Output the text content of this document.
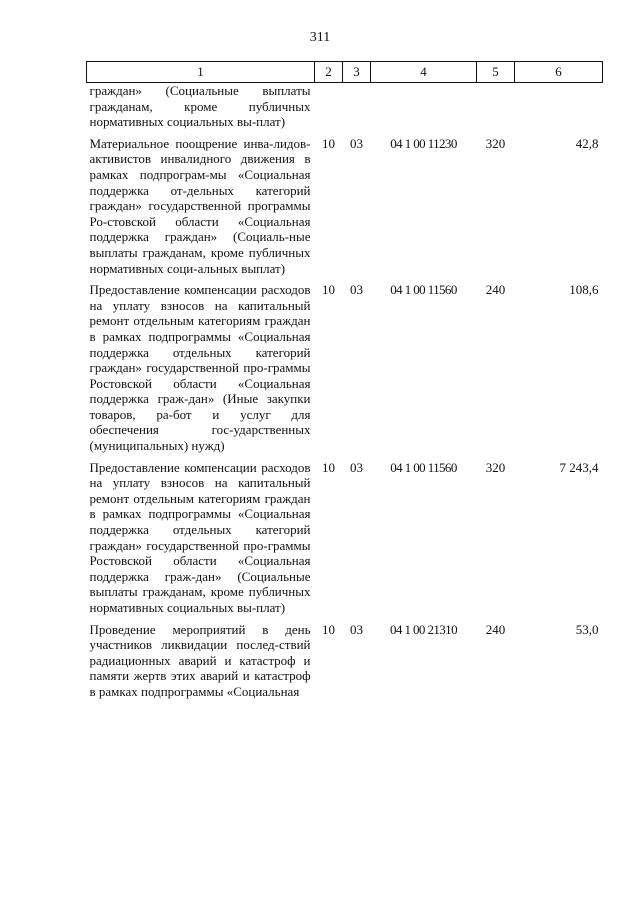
311
1	2	3	4	5	6
граждан» (Социальные выплаты гражданам, кроме публичных нормативных социальных вы-плат)					
Материальное поощрение инва-лидов-активистов инвалидного движения в рамках подпрограм-мы «Социальная поддержка от-дельных категорий граждан» государственной программы Ро-стовской области «Социальная поддержка граждан» (Социаль-ные выплаты гражданам, кроме публичных нормативных соци-альных выплат)	10	03	04 1 00 11230	320	42,8
Предоставление компенсации расходов на уплату взносов на капитальный ремонт отдельным категориям граждан в рамках подпрограммы «Социальная поддержка отдельных категорий граждан» государственной про-граммы Ростовской области «Социальная поддержка граж-дан» (Иные закупки товаров, ра-бот и услуг для обеспечения гос-ударственных (муниципальных) нужд)	10	03	04 1 00 11560	240	108,6
Предоставление компенсации расходов на уплату взносов на капитальный ремонт отдельным категориям граждан в рамках подпрограммы «Социальная поддержка отдельных категорий граждан» государственной про-граммы Ростовской области «Социальная поддержка граж-дан» (Социальные выплаты гражданам, кроме публичных нормативных социальных вы-плат)	10	03	04 1 00 11560	320	7 243,4
Проведение мероприятий в день участников ликвидации послед-ствий радиационных аварий и катастроф и памяти жертв этих аварий и катастроф в рамках подпрограммы «Социальная	10	03	04 1 00 21310	240	53,0
